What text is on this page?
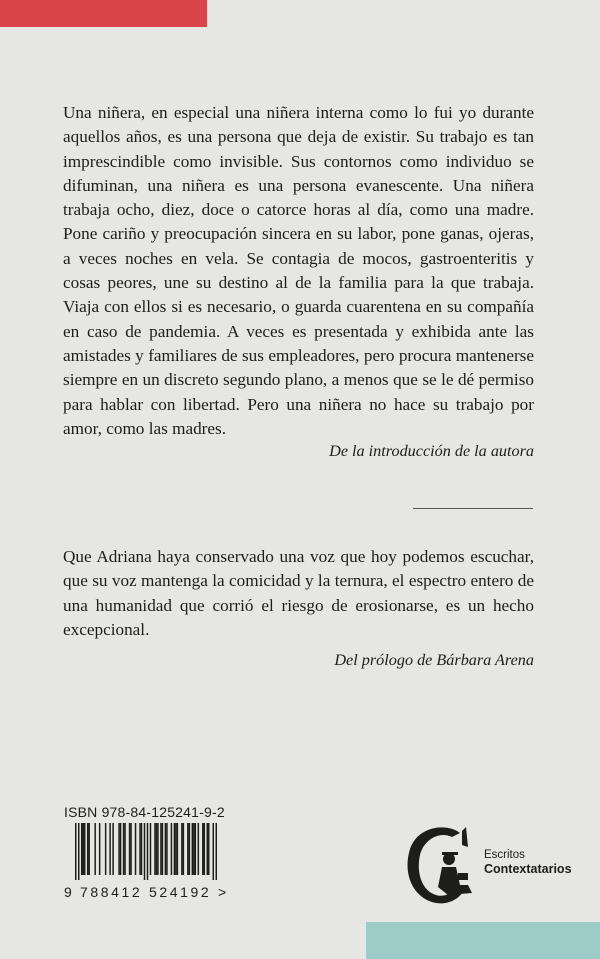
Una niñera, en especial una niñera interna como lo fui yo durante aquellos años, es una persona que deja de existir. Su trabajo es tan imprescindible como invisible. Sus contornos como individuo se difuminan, una niñera es una persona evanescente. Una niñera trabaja ocho, diez, doce o catorce horas al día, como una madre. Pone cariño y preocupación sincera en su labor, pone ganas, ojeras, a veces noches en vela. Se contagia de mocos, gastroenteritis y cosas peores, une su destino al de la familia para la que trabaja. Viaja con ellos si es necesario, o guarda cuarentena en su compañía en caso de pandemia. A veces es presentada y exhibida ante las amistades y familiares de sus empleadores, pero procura mantenerse siempre en un discreto segundo plano, a menos que se le dé permiso para hablar con libertad. Pero una niñera no hace su trabajo por amor, como las madres.

De la introducción de la autora

Que Adriana haya conservado una voz que hoy podemos escuchar, que su voz mantenga la comicidad y la ternura, el espectro entero de una humanidad que corrió el riesgo de erosionarse, es un hecho excepcional.

Del prólogo de Bárbara Arena

ISBN 978-84-125241-9-2
9 788412 524192 >
Escritos
Contextatarios
